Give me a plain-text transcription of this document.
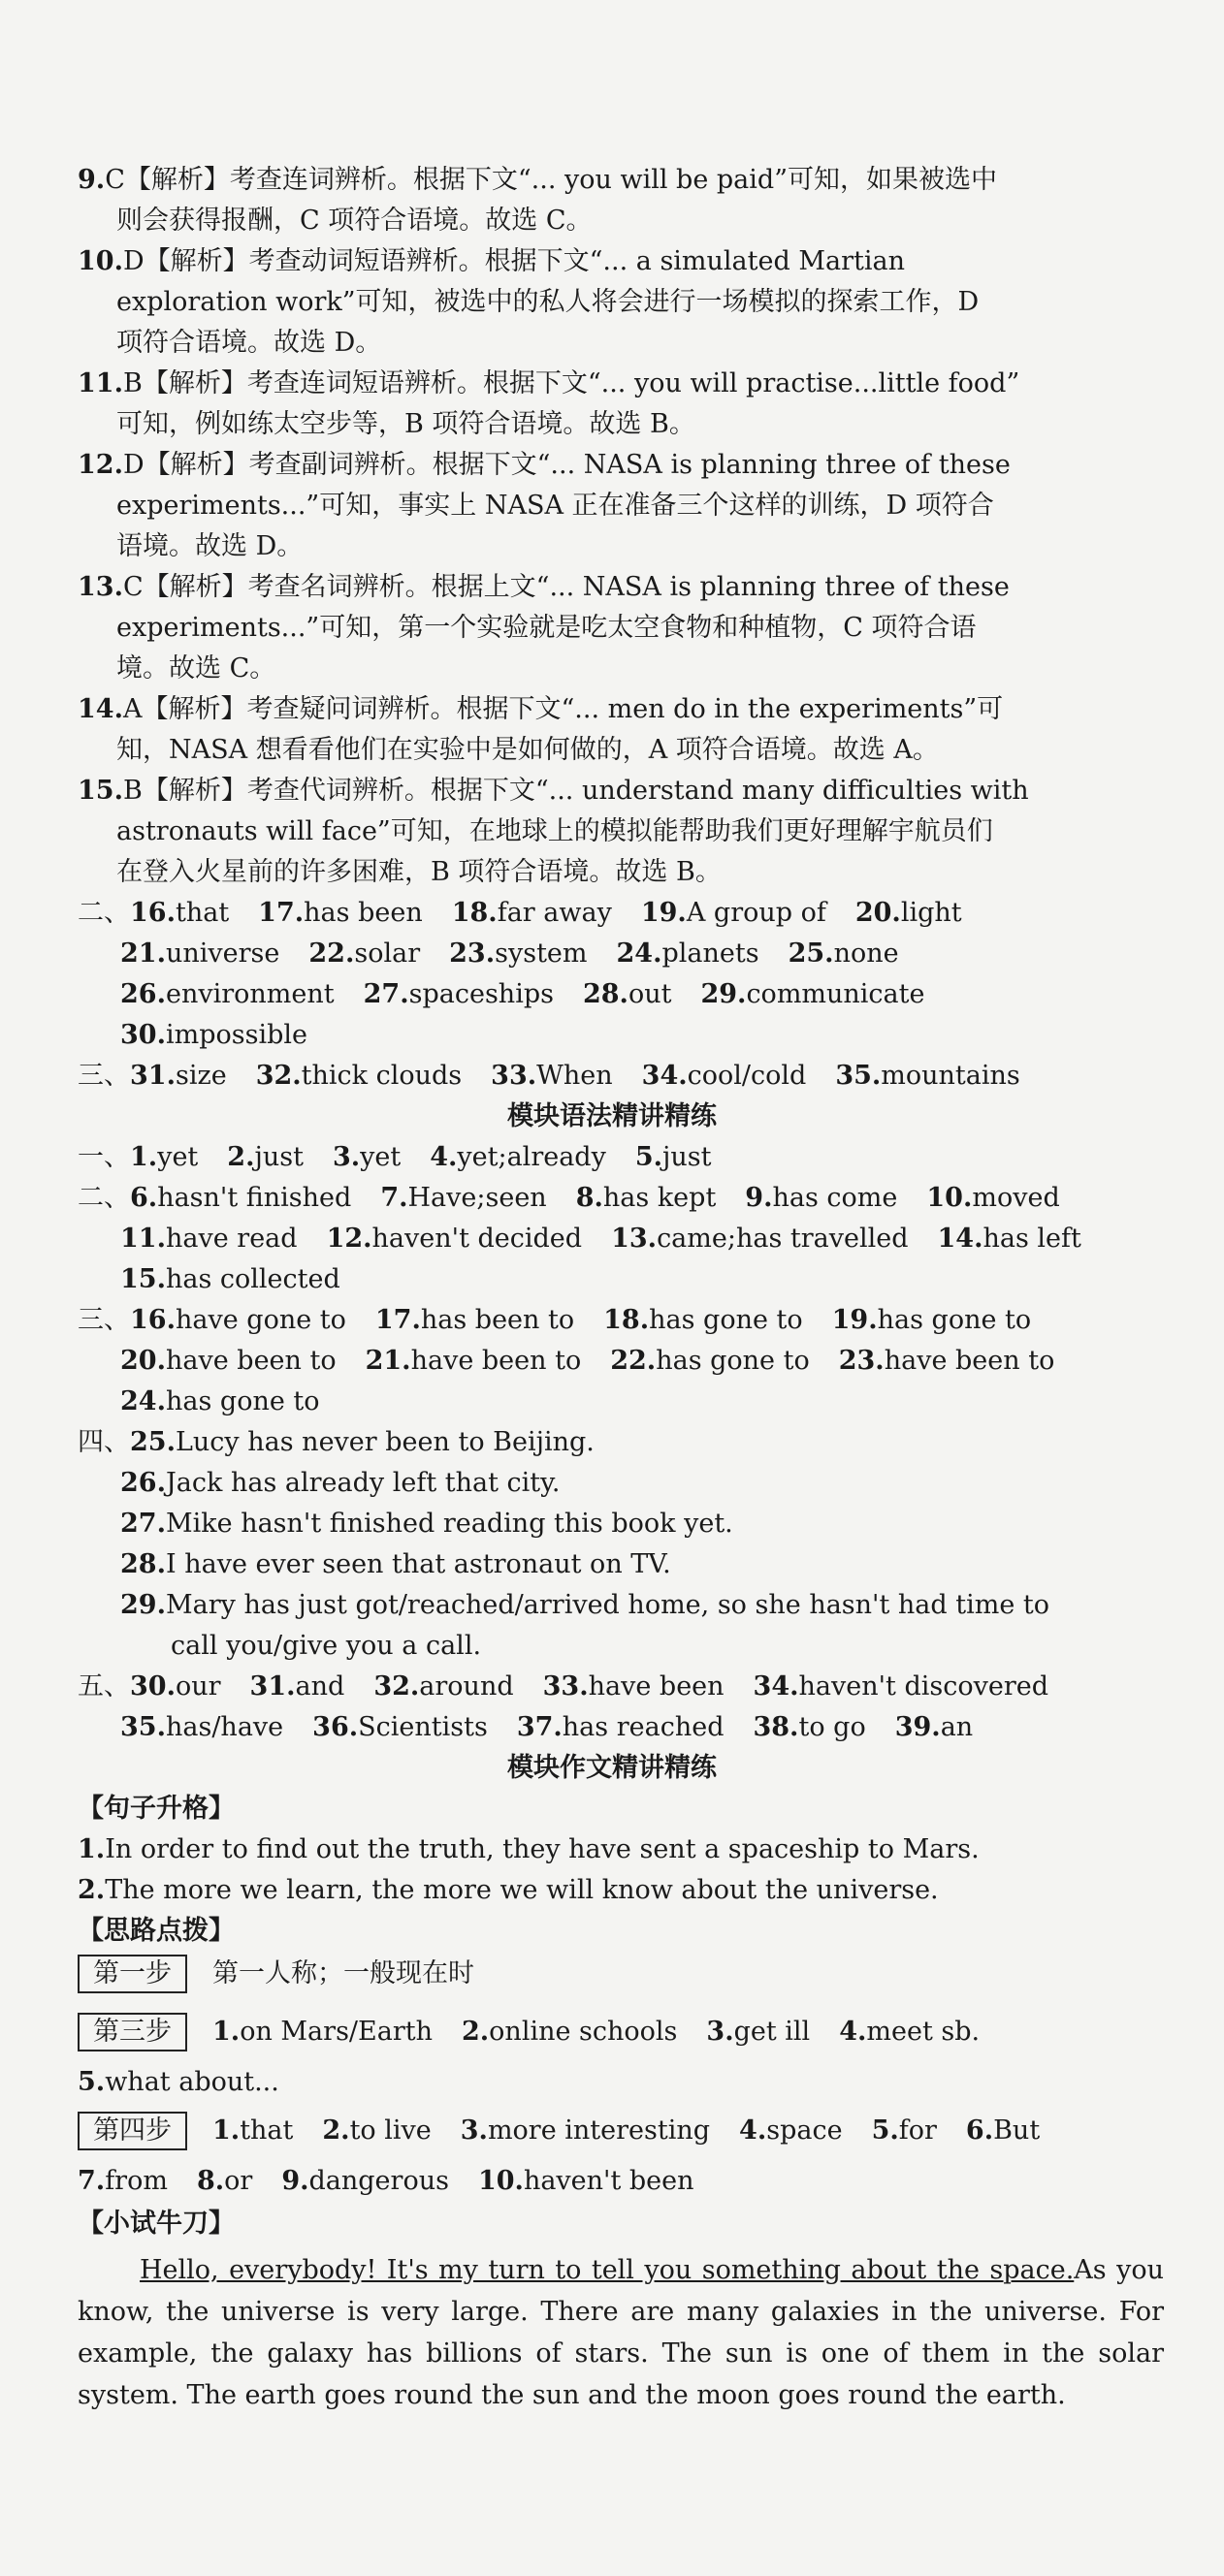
9.C【解析】考查连词辨析。根据下文“... you will be paid”可知，如果被选中
则会获得报酬，C 项符合语境。故选 C。
10.D【解析】考查动词短语辨析。根据下文“... a simulated Martian
exploration work”可知，被选中的私人将会进行一场模拟的探索工作，D
项符合语境。故选 D。
11.B【解析】考查连词短语辨析。根据下文“... you will practise...little food”
可知，例如练太空步等，B 项符合语境。故选 B。
12.D【解析】考查副词辨析。根据下文“... NASA is planning three of these
experiments...”可知，事实上 NASA 正在准备三个这样的训练，D 项符合
语境。故选 D。
13.C【解析】考查名词辨析。根据上文“... NASA is planning three of these
experiments...”可知，第一个实验就是吃太空食物和种植物，C 项符合语
境。故选 C。
14.A【解析】考查疑问词辨析。根据下文“... men do in the experiments”可
知，NASA 想看看他们在实验中是如何做的，A 项符合语境。故选 A。
15.B【解析】考查代词辨析。根据下文“... understand many difficulties with
astronauts will face”可知，在地球上的模拟能帮助我们更好理解宇航员们
在登入火星前的许多困难，B 项符合语境。故选 B。
二、16.that 17.has been 18.far away 19.A group of 20.light
21.universe 22.solar 23.system 24.planets 25.none
26.environment 27.spaceships 28.out 29.communicate
30.impossible
三、31.size 32.thick clouds 33.When 34.cool/cold 35.mountains
模块语法精讲精练
一、1.yet 2.just 3.yet 4.yet;already 5.just
二、6.hasn't finished 7.Have;seen 8.has kept 9.has come 10.moved
11.have read 12.haven't decided 13.came;has travelled 14.has left
15.has collected
三、16.have gone to 17.has been to 18.has gone to 19.has gone to
20.have been to 21.have been to 22.has gone to 23.have been to
24.has gone to
四、25.Lucy has never been to Beijing.
26.Jack has already left that city.
27.Mike hasn't finished reading this book yet.
28.I have ever seen that astronaut on TV.
29.Mary has just got/reached/arrived home, so she hasn't had time to
call you/give you a call.
五、30.our 31.and 32.around 33.have been 34.haven't discovered
35.has/have 36.Scientists 37.has reached 38.to go 39.an
模块作文精讲精练
【句子升格】
1.In order to find out the truth, they have sent a spaceship to Mars.
2.The more we learn, the more we will know about the universe.
【思路点拨】
第一步 第一人称；一般现在时
第三步 1.on Mars/Earth 2.online schools 3.get ill 4.meet sb.
5.what about...
第四步 1.that 2.to live 3.more interesting 4.space 5.for 6.But
7.from 8.or 9.dangerous 10.haven't been
【小试牛刀】
Hello, everybody! It's my turn to tell you something about the space.As you know, the universe is very large. There are many galaxies in the universe. For example, the galaxy has billions of stars. The sun is one of them in the solar system. The earth goes round the sun and the moon goes round the earth.
